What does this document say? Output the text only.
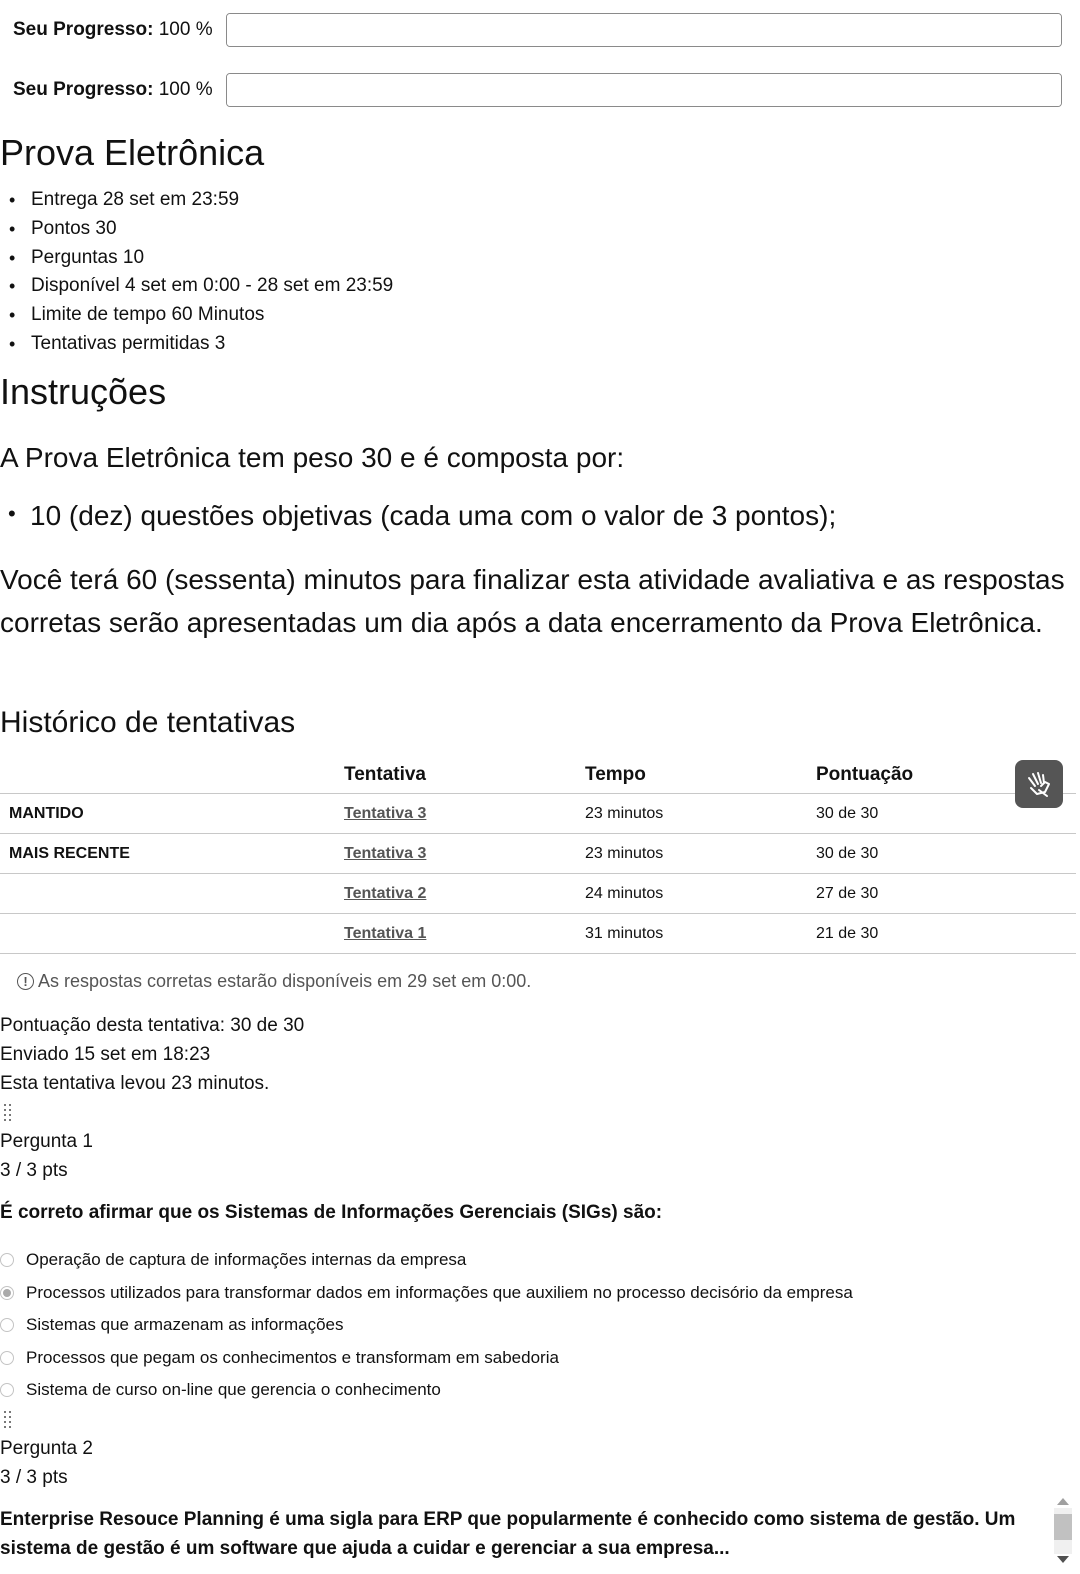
Seu Progresso: 100 %
Seu Progresso: 100 %
Prova Eletrônica
• Entrega 28 set em 23:59
• Pontos 30
• Perguntas 10
• Disponível 4 set em 0:00 - 28 set em 23:59
• Limite de tempo 60 Minutos
• Tentativas permitidas 3
Instruções

A Prova Eletrônica tem peso 30 e é composta por:

• 10 (dez) questões objetivas (cada uma com o valor de 3 pontos);

Você terá 60 (sessenta) minutos para finalizar esta atividade avaliativa e as respostas corretas serão apresentadas um dia após a data encerramento da Prova Eletrônica.

Histórico de tentativas
	Tentativa	Tempo	Pontuação
MANTIDO	Tentativa 3	23 minutos	30 de 30
MAIS RECENTE	Tentativa 3	23 minutos	30 de 30
	Tentativa 2	24 minutos	27 de 30
	Tentativa 1	31 minutos	21 de 30
! As respostas corretas estarão disponíveis em 29 set em 0:00.
Pontuação desta tentativa: 30 de 30
Enviado 15 set em 18:23
Esta tentativa levou 23 minutos.
Pergunta 1
3 / 3 pts

É correto afirmar que os Sistemas de Informações Gerenciais (SIGs) são:

Operação de captura de informações internas da empresa
Processos utilizados para transformar dados em informações que auxiliem no processo decisório da empresa
Sistemas que armazenam as informações
Processos que pegam os conhecimentos e transformam em sabedoria
Sistema de curso on-line que gerencia o conhecimento
Pergunta 2
3 / 3 pts

Enterprise Resouce Planning é uma sigla para ERP que popularmente é conhecido como sistema de gestão. Um sistema de gestão é um software que ajuda a cuidar e gerenciar a sua empresa...
